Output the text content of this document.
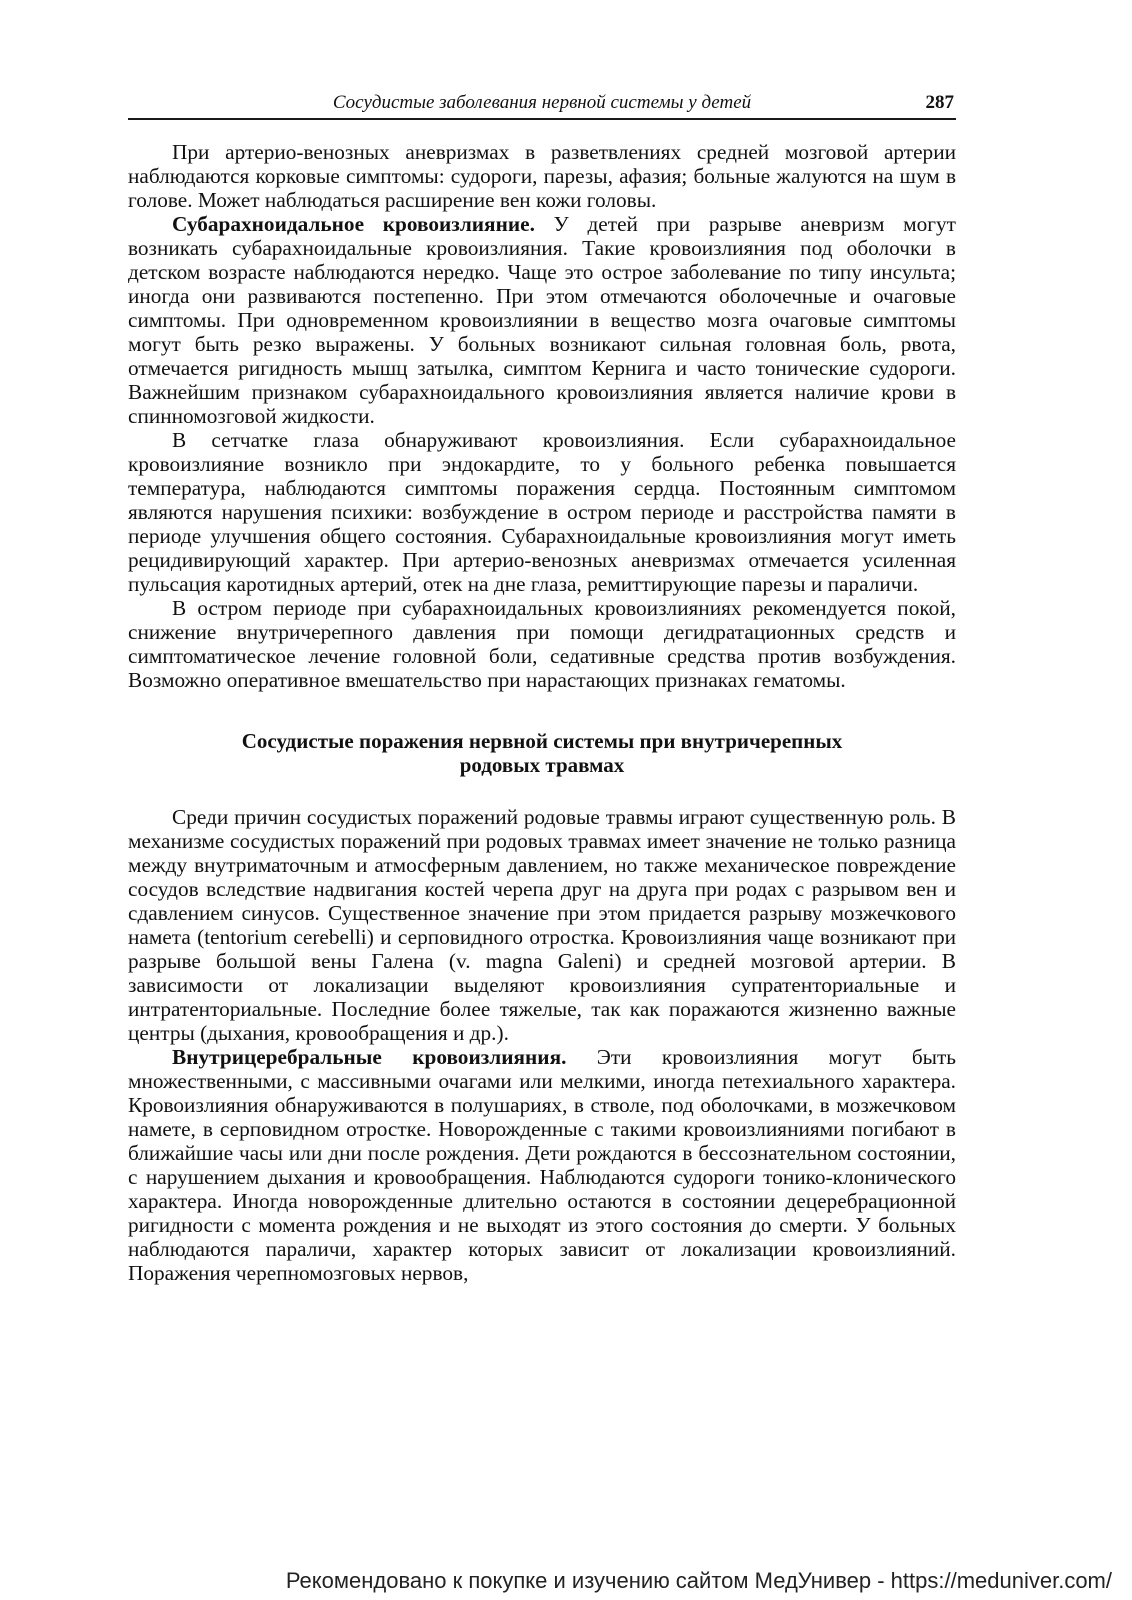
Сосудистые заболевания нервной системы у детей	287

При артерио-венозных аневризмах в разветвлениях средней мозговой артерии наблюдаются корковые симптомы: судороги, парезы, афазия; больные жалуются на шум в голове. Может наблюдаться расширение вен кожи головы.

Субарахноидальное кровоизлияние. У детей при разрыве аневризм могут возникать субарахноидальные кровоизлияния. Такие кровоизлияния под оболочки в детском возрасте наблюдаются нередко. Чаще это острое заболевание по типу инсульта; иногда они развиваются постепенно. При этом отмечаются оболочечные и очаговые симптомы. При одновременном кровоизлиянии в вещество мозга очаговые симптомы могут быть резко выражены. У больных возникают сильная головная боль, рвота, отмечается ригидность мышц затылка, симптом Кернига и часто тонические судороги. Важнейшим признаком субарахноидального кровоизлияния является наличие крови в спинномозговой жидкости.

В сетчатке глаза обнаруживают кровоизлияния. Если субарахноидальное кровоизлияние возникло при эндокардите, то у больного ребенка повышается температура, наблюдаются симптомы поражения сердца. Постоянным симптомом являются нарушения психики: возбуждение в остром периоде и расстройства памяти в периоде улучшения общего состояния. Субарахноидальные кровоизлияния могут иметь рецидивирующий характер. При артерио-венозных аневризмах отмечается усиленная пульсация каротидных артерий, отек на дне глаза, ремиттирующие парезы и параличи.

В остром периоде при субарахноидальных кровоизлияниях рекомендуется покой, снижение внутричерепного давления при помощи дегидратационных средств и симптоматическое лечение головной боли, седативные средства против возбуждения. Возможно оперативное вмешательство при нарастающих признаках гематомы.

Сосудистые поражения нервной системы при внутричерепных
родовых травмах

Среди причин сосудистых поражений родовые травмы играют существенную роль. В механизме сосудистых поражений при родовых травмах имеет значение не только разница между внутриматочным и атмосферным давлением, но также механическое повреждение сосудов вследствие надвигания костей черепа друг на друга при родах с разрывом вен и сдавлением синусов. Существенное значение при этом придается разрыву мозжечкового намета (tentorium cerebelli) и серповидного отростка. Кровоизлияния чаще возникают при разрыве большой вены Галена (v. magna Galeni) и средней мозговой артерии. В зависимости от локализации выделяют кровоизлияния супратенториальные и интратенториальные. Последние более тяжелые, так как поражаются жизненно важные центры (дыхания, кровообращения и др.).

Внутрицеребральные кровоизлияния. Эти кровоизлияния могут быть множественными, с массивными очагами или мелкими, иногда петехиального характера. Кровоизлияния обнаруживаются в полушариях, в стволе, под оболочками, в мозжечковом намете, в серповидном отростке. Новорожденные с такими кровоизлияниями погибают в ближайшие часы или дни после рождения. Дети рождаются в бессознательном состоянии, с нарушением дыхания и кровообращения. Наблюдаются судороги тонико-клонического характера. Иногда новорожденные длительно остаются в состоянии децеребрационной ригидности с момента рождения и не выходят из этого состояния до смерти. У больных наблюдаются параличи, характер которых зависит от локализации кровоизлияний. Поражения черепномозговых нервов,

Рекомендовано к покупке и изучению сайтом МедУнивер - https://meduniver.com/
